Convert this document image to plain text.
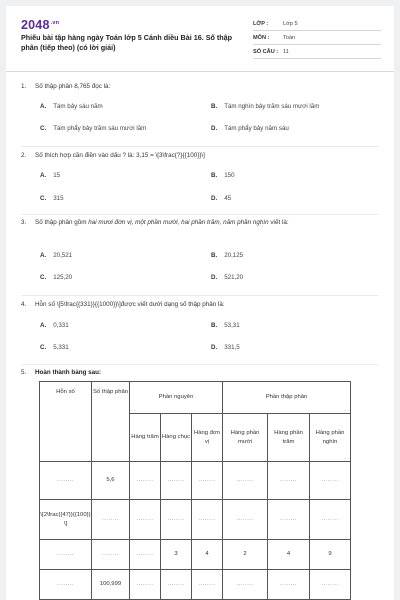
$2048^{.vn}$
Phiếu bài tập hàng ngày Toán lớp 5 Cánh diều Bài 16. Số thập phân (tiếp theo) (có lời giải)
LỚP :	Lớp 5
MÔN : Toán
SỐ CÂU : 11
1. Số thập phân 8,765 đọc là:
A. Tám bảy sáu năm	B. Tám nghìn bảy trăm sáu mươi lăm
C. Tám phẩy bảy trăm sáu mươi lăm	D. Tám phẩy bảy năm sáu
2. Số thích hợp cần điền vào dấu ? là: 3,15 = \[3\frac{?}{{100}}\]
A. 15	B. 150
C. 315	D. 45
3. Số thập phân gồm hai mươi đơn vị, một phần mười, hai phần trăm, năm phần nghìn viết là:
A. 20,521	B. 20,125
C. 125,20	D. 521,20
4. Hỗn số \[5\frac{{331}}{{1000}}\]được viết dưới dạng số thập phân là:
A. 0,331	B. 53,31
C. 5,331	D. 331,5
5. Hoàn thành bảng sau:
Hỗn số	Số thập phân	Phần nguyên			Phần thập phân		
		Hàng trăm	Hàng chục	Hàng đơn vị	Hàng phần mười	Hàng phần trăm	Hàng phần nghìn
........	5,6	........	........	........	........	........	........
\[2\frac{{47}}{{100}}\]	........	........	........	........	........	........	........
........	........	........	3	4	2	4	9
........	100,999	........	........	........	........	........	........
